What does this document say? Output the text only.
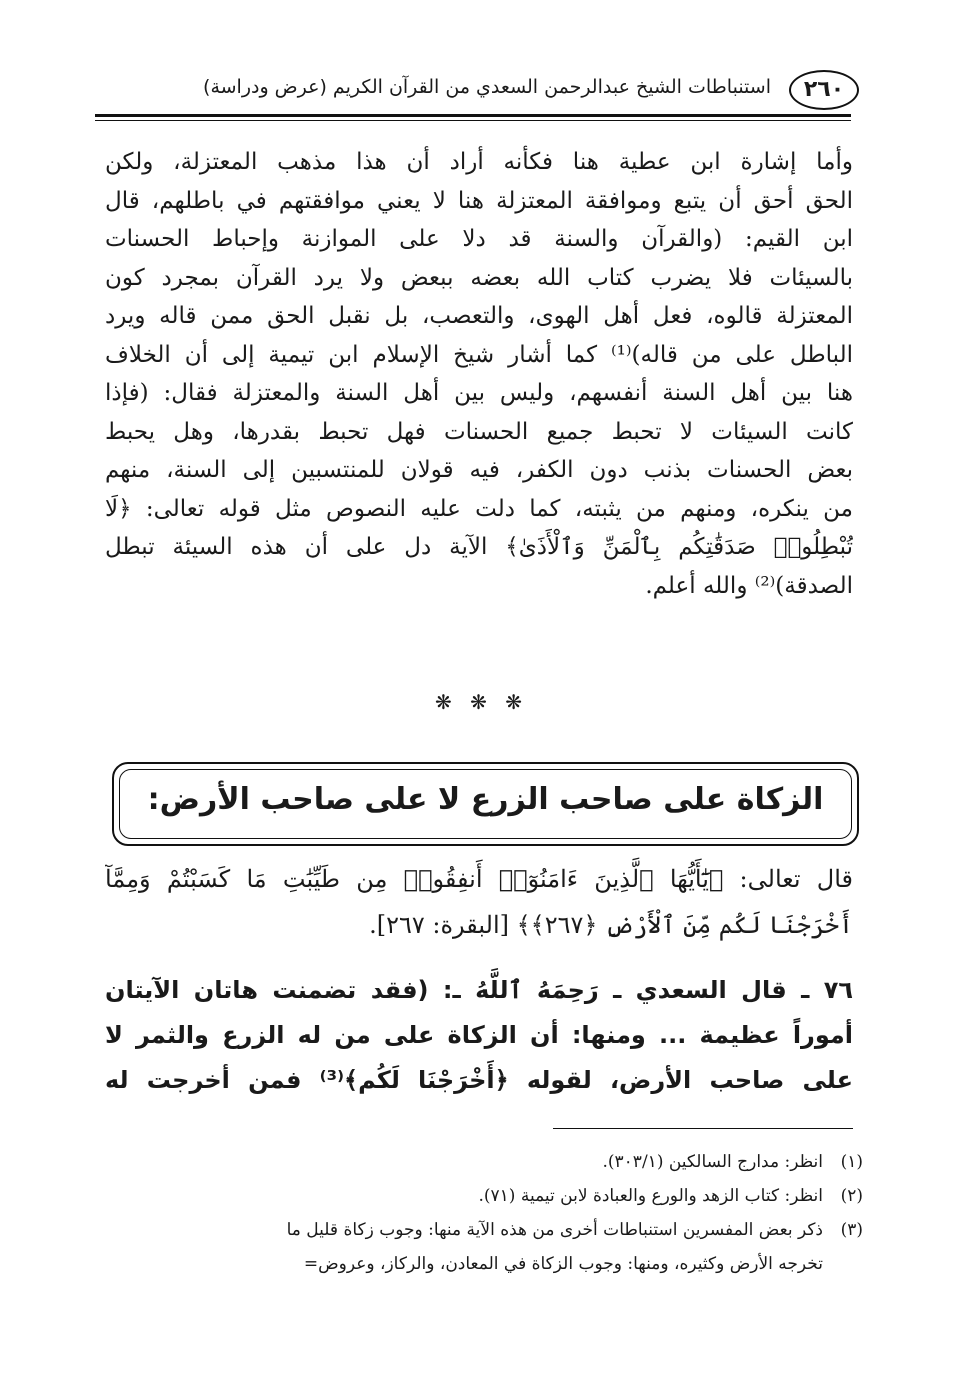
٢٦٠
استنباطات الشيخ عبدالرحمن السعدي من القرآن الكريم (عرض ودراسة)
وأما إشارة ابن عطية هنا فكأنه أراد أن هذا مذهب المعتزلة، ولكن
الحق أحق أن يتبع وموافقة المعتزلة هنا لا يعني موافقتهم في باطلهم، قال
ابن القيم: (والقرآن والسنة قد دلا على الموازنة وإحباط الحسنات
بالسيئات فلا يضرب كتاب الله بعضه ببعض ولا يرد القرآن بمجرد كون
المعتزلة قالوه، فعل أهل الهوى، والتعصب، بل نقبل الحق ممن قاله ويرد
الباطل على من قاله)⁽¹⁾ كما أشار شيخ الإسلام ابن تيمية إلى أن الخلاف
هنا بين أهل السنة أنفسهم، وليس بين أهل السنة والمعتزلة فقال: (فإذا
كانت السيئات لا تحبط جميع الحسنات فهل تحبط بقدرها، وهل يحبط
بعض الحسنات بذنب دون الكفر، فيه قولان للمنتسبين إلى السنة، منهم
من ينكره، ومنهم من يثبته، كما دلت عليه النصوص مثل قوله تعالى: ﴿لَا
تُبْطِلُوا۟ صَدَقَٰتِكُم بِٱلْمَنِّ وَٱلْأَذَىٰ﴾ الآية دل على أن هذه السيئة تبطل
الصدقة)⁽²⁾ والله أعلم.
❋ ❋ ❋
الزكاة على صاحب الزرع لا على صاحب الأرض:
قال تعالى: ﴿يَٰٓأَيُّهَا ٱلَّذِينَ ءَامَنُوٓا۟ أَنفِقُوا۟ مِن طَيِّبَٰتِ مَا كَسَبْتُمْ وَمِمَّآ
أَخْرَجْنَا لَكُم مِّنَ ٱلْأَرْضِ ﴿٢٦٧﴾﴾ [البقرة: ٢٦٧].
٧٦ ـ قال السعدي ـ رَحِمَهُ ٱللَّهُ ـ: (فقد تضمنت هاتان الآيتان
أموراً عظيمة ... ومنها: أن الزكاة على من له الزرع والثمر لا
على صاحب الأرض، لقوله ﴿أَخْرَجْنَا لَكُم﴾⁽³⁾ فمن أخرجت له
(١)انظر: مدارج السالكين (٣٠٣/١).
(٢)انظر: كتاب الزهد والورع والعبادة لابن تيمية (٧١).
(٣)ذكر بعض المفسرين استنباطات أخرى من هذه الآية منها: وجوب زكاة قليل ما
تخرجه الأرض وكثيره، ومنها: وجوب الزكاة في المعادن، والركاز، وعروض=
